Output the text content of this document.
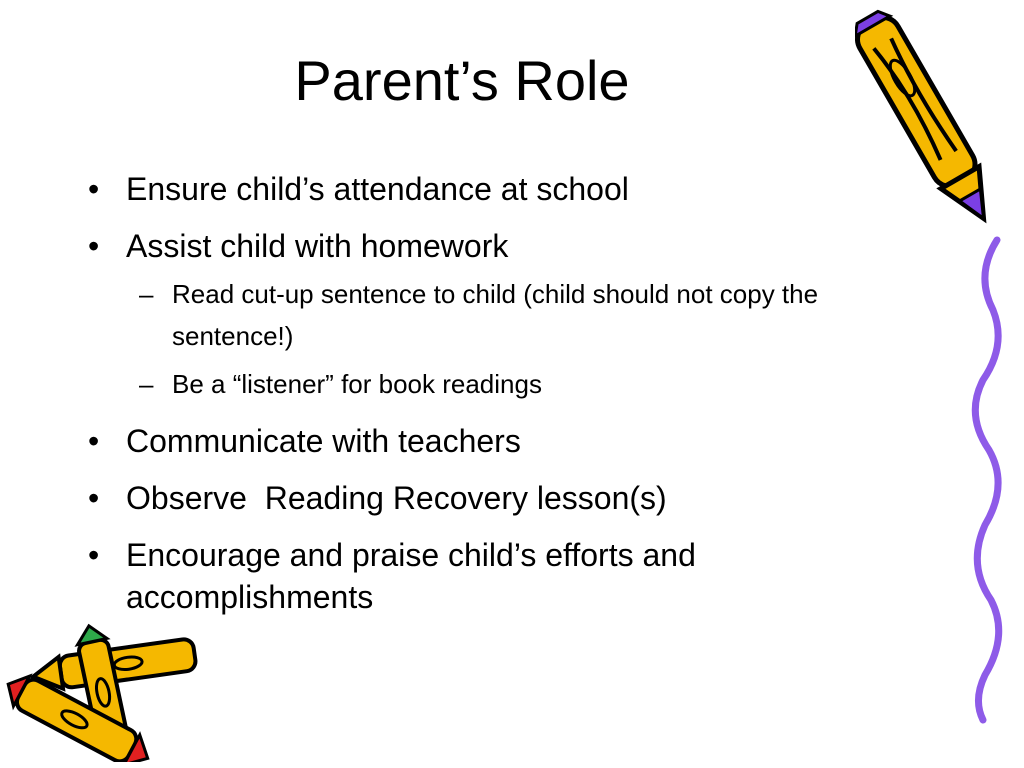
Parent’s Role
• Ensure child’s attendance at school
• Assist child with homework
– Read cut-up sentence to child (child should not copy the sentence!)
– Be a “listener” for book readings
• Communicate with teachers
• Observe  Reading Recovery lesson(s)
• Encourage and praise child’s efforts and accomplishments
